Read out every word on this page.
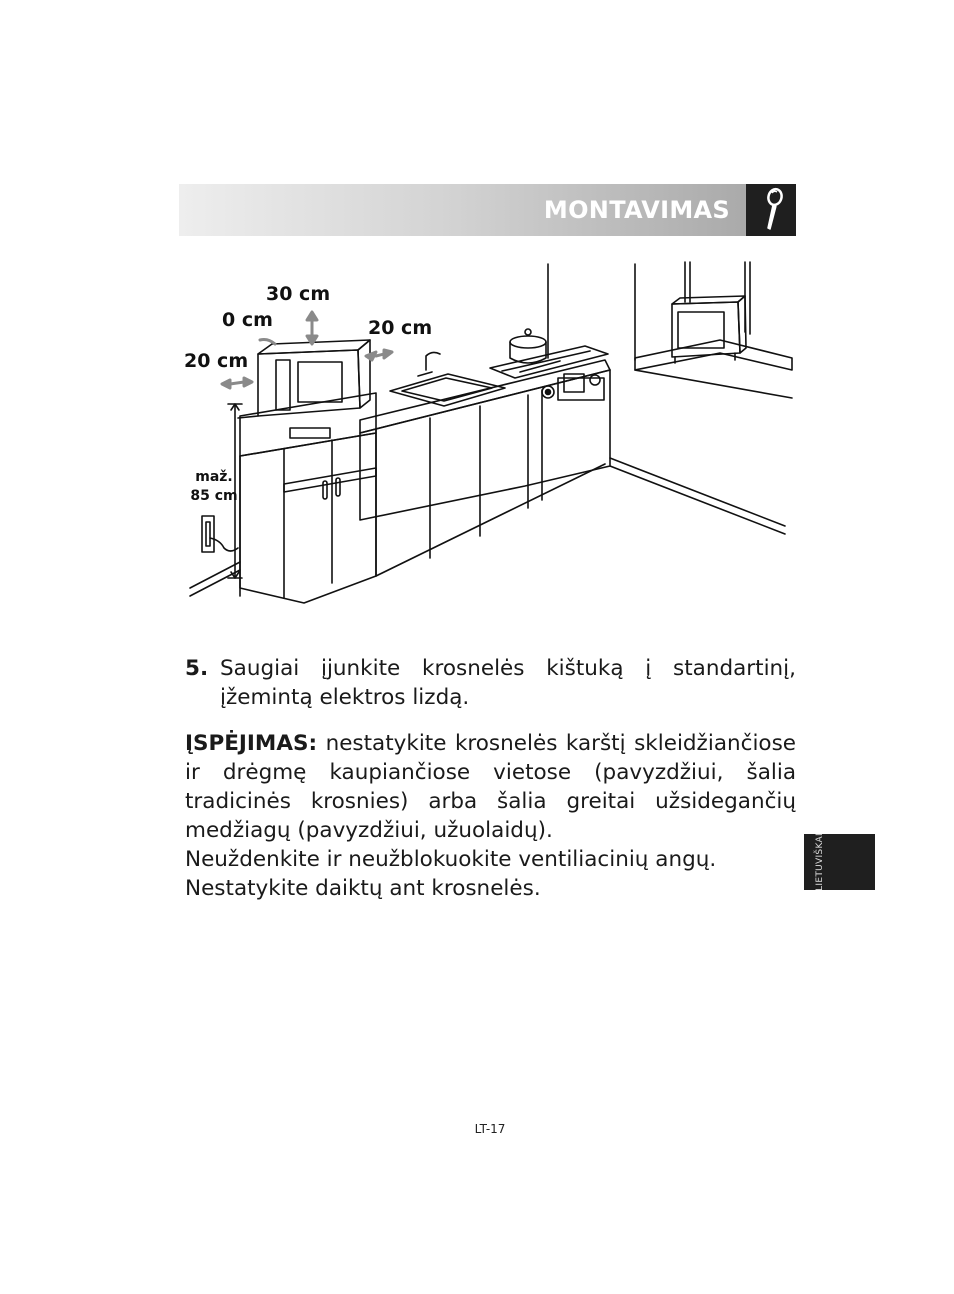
MONTAVIMAS
30 cm
0 cm	20 cm
20 cm
maž.
85 cm
5. Saugiai įjunkite krosnelės kištuką į standartinį, įžemintą elektros lizdą.
ĮSPĖJIMAS: nestatykite krosnelės karštį skleidžiančiose ir drėgmę kaupiančiose vietose (pavyzdžiui, šalia tradicinės krosnies) arba šalia greitai užsidegančių medžiagų (pavyzdžiui, užuolaidų).
Neuždenkite ir neužblokuokite ventiliacinių angų.
Nestatykite daiktų ant krosnelės.	LIETUVIŠKAI
LT-17
